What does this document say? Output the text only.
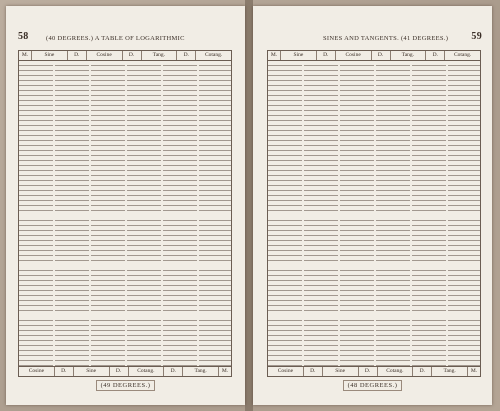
58	(40 DEGREES.) A TABLE OF LOGARITHMIC
M.	Sine	D.	Cosine	D.	Tang.	D.	Cotang.
Cosine	D.	Sine	D.	Cotang.	D.	Tang.	M.
(49 DEGREES.)
SINES AND TANGENTS. (41 DEGREES.) 59
M.	Sine	D.	Cosine	D.	Tang.	D.	Cotang.
Cosine	D.	Sine	D.	Cotang.	D.	Tang.	M.
(48 DEGREES.)
